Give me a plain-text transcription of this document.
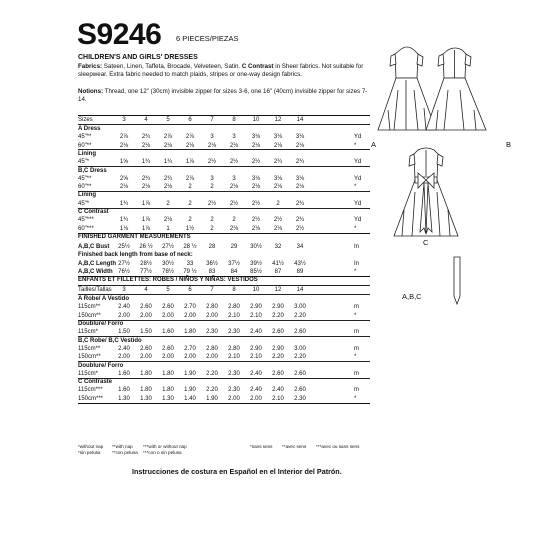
S9246 6 PIECES/PIEZAS
CHILDREN'S AND GIRLS' DRESSES
Fabrics: Sateen, Linen, Taffeta, Brocade, Velveteen, Satin. C Contrast in Sheer fabrics. Not suitable for sleepwear. Extra fabric needed to match plaids, stripes or one-way design fabrics.
Notions: Thread, one 12" (30cm) invisible zipper for sizes 3-6, one 16" (40cm) invisible zipper for sizes 7-14.
Sizes	3	4	5	6	7	8	10	12	14
A Dress
45"**	2⅞	2¾	2⅞	2⅞	3	3	3⅛	3⅛	3⅛	Yd
60"**	2⅛	2⅛	2⅛	2⅛	2⅛	2⅛	2⅛	2⅛	2⅛	*
Lining
45"*	1⅝	1¾	1¾	1⅞	2½	2½	2½	2¾	2¾	Yd
B,C Dress
45"**	2⅝	2¾	2¾	2⅞	3	3	3⅛	3⅛	3⅛	Yd
60"**	2⅛	2⅛	2⅛	2	2	2⅛	2⅛	2⅛	2⅛	*
Lining
45"*	1¾	1⅞	2	2	2½	2½	2½	2	2¾	Yd
C Contrast
45"***	1¾	1⅞	2⅛	2	2	2	2½	2½	2¾	Yd
60"***	1⅛	1⅞	1	1½	2	2⅛	2⅛	2⅛	2½	*
FINISHED GARMENT MEASUREMENTS
A,B,C Bust	25½	26 ½	27½	28 ½	28	29	30½	32	34	In
Finished back length from base of neck:
A,B,C Length 27½	28½	30½	33	36½	37½	39½	41½	43½	In
A,B,C Width 76½	77½	78½	79 ½	83	84	85½	87	89	*
ENFANTS ET FILLETTES: ROBES / NIÑOS Y NIÑAS: VESTIDOS
Tailles/Tallas	3	4	5	6	7	8	10	12	14
A Robe/ A Vestido
115cm**	2.40	2.60	2.60	2.70	2.80	2.80	2.90	2.90	3.00	m
150cm**	2.00	2.00	2.00	2.00	2.00	2.10	2.10	2.20	2.20	*
Doublure/ Forro
115cm*	1.50	1.50	1.60	1.80	2.30	2.30	2.40	2.60	2.60	m
B,C Robe/ B,C Vestido
115cm**	2.40	2.60	2.60	2.70	2.80	2.80	2.90	2.90	3.00	m
150cm**	2.00	2.00	2.00	2.00	2.00	2.10	2.10	2.20	2.20	*
Doublure/ Forro
115cm*	1.60	1.80	1.80	1.90	2.20	2.30	2.40	2.60	2.60	m
C Contraste
115cm***	1.60	1.80	1.80	1.90	2.20	2.30	2.40	2.40	2.60	m
150cm***	1.30	1.30	1.30	1.40	1.90	2.00	2.00	2.10	2.30	*
*without nap **with nap ***with or without nap
*sin pelusa	**con pelusa ***con o sin pelusa
*sans sens **avec sens ***avec ou sans sens
Instrucciones de costura en Español en el Interior del Patrón.
A	B
C
A,B,C
